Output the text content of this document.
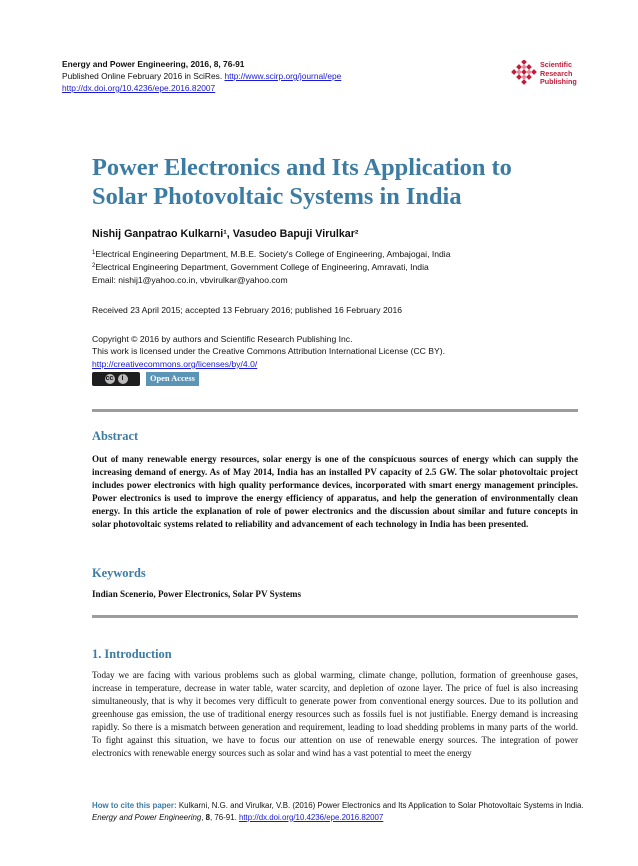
Energy and Power Engineering, 2016, 8, 76-91
Published Online February 2016 in SciRes. http://www.scirp.org/journal/epe
http://dx.doi.org/10.4236/epe.2016.82007
Scientific
Research
Publishing
Power Electronics and Its Application to
Solar Photovoltaic Systems in India
Nishij Ganpatrao Kulkarni¹, Vasudeo Bapuji Virulkar²
$^1$Electrical Engineering Department, M.B.E. Society's College of Engineering, Ambajogai, India
$^2$Electrical Engineering Department, Government College of Engineering, Amravati, India
Email: nishij1@yahoo.co.in, vbvirulkar@yahoo.com
Received 23 April 2015; accepted 13 February 2016; published 16 February 2016
Copyright © 2016 by authors and Scientific Research Publishing Inc.
This work is licensed under the Creative Commons Attribution International License (CC BY).
http://creativecommons.org/licenses/by/4.0/
cc	i	Open Access
Abstract
Out of many renewable energy resources, solar energy is one of the conspicuous sources of energy which can supply the increasing demand of energy. As of May 2014, India has an installed PV capacity of 2.5 GW. The solar photovoltaic project includes power electronics with high quality performance devices, incorporated with smart energy management principles. Power electronics is used to improve the energy efficiency of apparatus, and help the generation of environmentally clean energy. In this article the explanation of role of power electronics and the discussion about similar and future concepts in solar photovoltaic systems related to reliability and advancement of each technology in India has been presented.
Keywords
Indian Scenerio, Power Electronics, Solar PV Systems
1. Introduction
Today we are facing with various problems such as global warming, climate change, pollution, formation of greenhouse gases, increase in temperature, decrease in water table, water scarcity, and depletion of ozone layer. The price of fuel is also increasing simultaneously, that is why it becomes very difficult to generate power from conventional energy sources. Due to its pollution and greenhouse gas emission, the use of traditional energy resources such as fossils fuel is not justifiable. Energy demand is increasing rapidly. So there is a mismatch between generation and requirement, leading to load shedding problems in many parts of the world. To fight against this situation, we have to focus our attention on use of renewable energy sources. The integration of power electronics with renewable energy sources such as solar and wind has a vast potential to meet the energy
How to cite this paper: Kulkarni, N.G. and Virulkar, V.B. (2016) Power Electronics and Its Application to Solar Photovoltaic Systems in India. Energy and Power Engineering, 8, 76-91. http://dx.doi.org/10.4236/epe.2016.82007
